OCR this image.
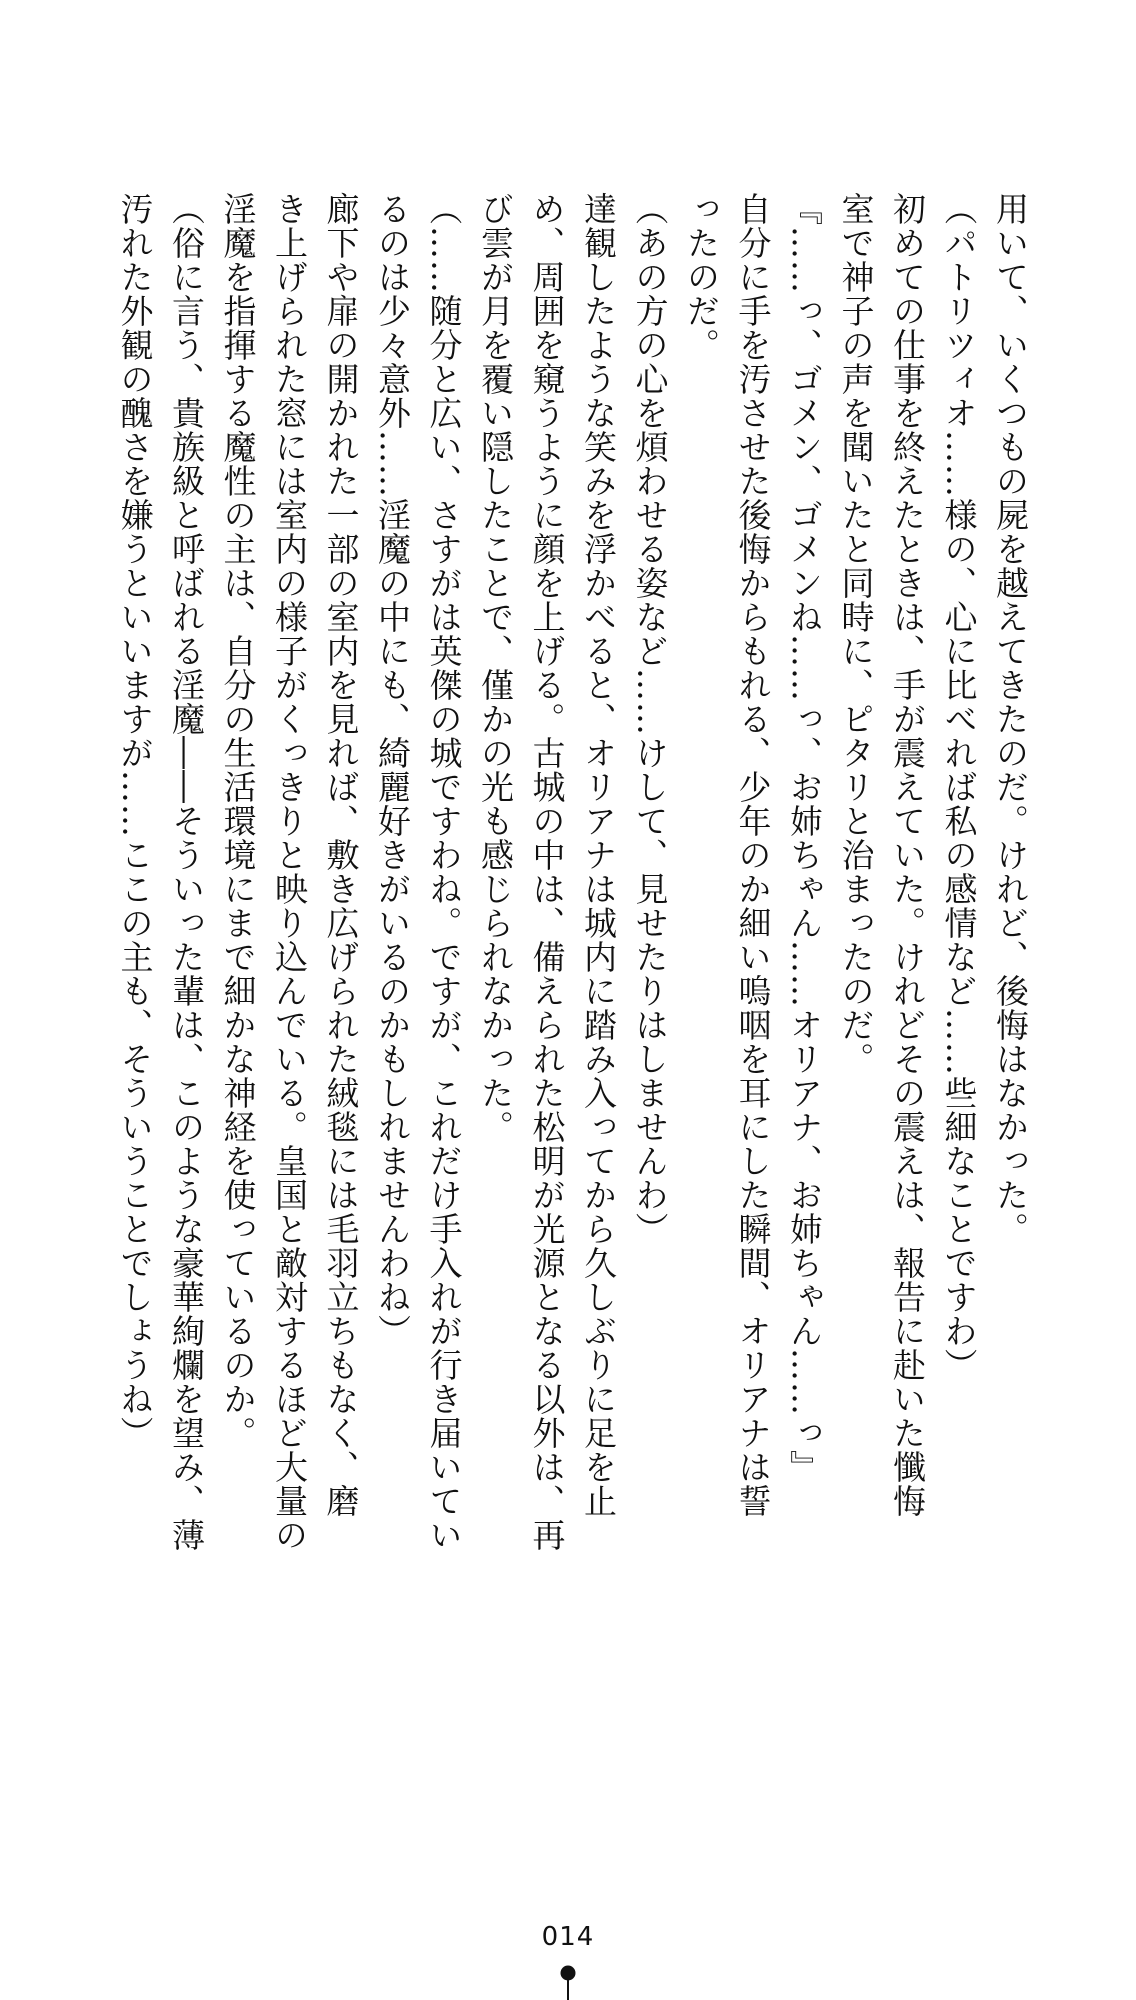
用いて、いくつもの屍を越えてきたのだ。けれど、後悔はなかった。

（パトリツィオ……様の、心に比べれば私の感情など……些細なことですわ）

初めての仕事を終えたときは、手が震えていた。けれどその震えは、報告に赴いた懺悔

室で神子の声を聞いたと同時に、ピタリと治まったのだ。

『……っ、ゴメン、ゴメンね……っ、お姉ちゃん……オリアナ、お姉ちゃん……っ』

自分に手を汚させた後悔からもれる、少年のか細い嗚咽を耳にした瞬間、オリアナは誓

ったのだ。

（あの方の心を煩わせる姿など……けして、見せたりはしませんわ）

達観したような笑みを浮かべると、オリアナは城内に踏み入ってから久しぶりに足を止

め、周囲を窺うように顔を上げる。古城の中は、備えられた松明が光源となる以外は、再

び雲が月を覆い隠したことで、僅かの光も感じられなかった。

（……随分と広い、さすがは英傑の城ですわね。ですが、これだけ手入れが行き届いてい

るのは少々意外……淫魔の中にも、綺麗好きがいるのかもしれませんわね）

廊下や扉の開かれた一部の室内を見れば、敷き広げられた絨毯には毛羽立ちもなく、磨

き上げられた窓には室内の様子がくっきりと映り込んでいる。皇国と敵対するほど大量の

淫魔を指揮する魔性の主は、自分の生活環境にまで細かな神経を使っているのか。

（俗に言う、貴族級と呼ばれる淫魔――そういった輩は、このような豪華絢爛を望み、薄

汚れた外観の醜さを嫌うといいますが……ここの主も、そういうことでしょうね）

014
